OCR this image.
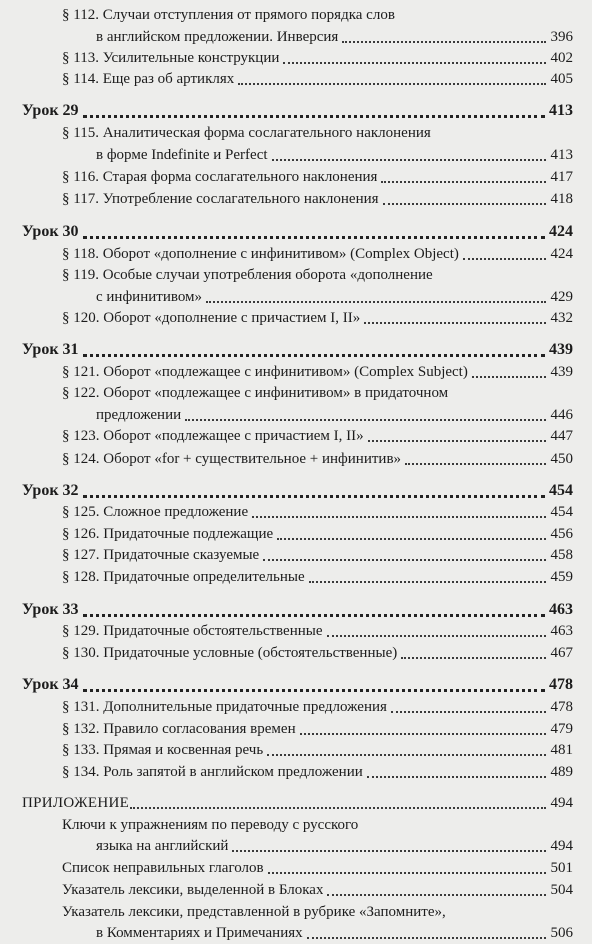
§ 112. Случаи отступления от прямого порядка слов
в английском предложении. Инверсия	396
§ 113. Усилительные конструкции	402
§ 114. Еще раз об артиклях	405
Урок 29	413
§ 115. Аналитическая форма сослагательного наклонения
в форме Indefinite и Perfect	413
§ 116. Старая форма сослагательного наклонения	417
§ 117. Употребление сослагательного наклонения	418
Урок 30	424
§ 118. Оборот «дополнение с инфинитивом» (Complex Object)	424
§ 119. Особые случаи употребления оборота «дополнение
с инфинитивом»	429
§ 120. Оборот «дополнение с причастием I, II»	432
Урок 31	439
§ 121. Оборот «подлежащее с инфинитивом» (Complex Subject)	439
§ 122. Оборот «подлежащее с инфинитивом» в придаточном
предложении	446
§ 123. Оборот «подлежащее с причастием I, II»	447
§ 124. Оборот «for + существительное + инфинитив»	450
Урок 32	454
§ 125. Сложное предложение	454
§ 126. Придаточные подлежащие	456
§ 127. Придаточные сказуемые	458
§ 128. Придаточные определительные	459
Урок 33	463
§ 129. Придаточные обстоятельственные	463
§ 130. Придаточные условные (обстоятельственные)	467
Урок 34	478
§ 131. Дополнительные придаточные предложения	478
§ 132. Правило согласования времен	479
§ 133. Прямая и косвенная речь	481
§ 134. Роль запятой в английском предложении	489
ПРИЛОЖЕНИЕ	494
Ключи к упражнениям по переводу с русского
языка на английский	494
Список неправильных глаголов	501
Указатель лексики, выделенной в Блоках	504
Указатель лексики, представленной в рубрике «Запомните»,
в Комментариях и Примечаниях	506
